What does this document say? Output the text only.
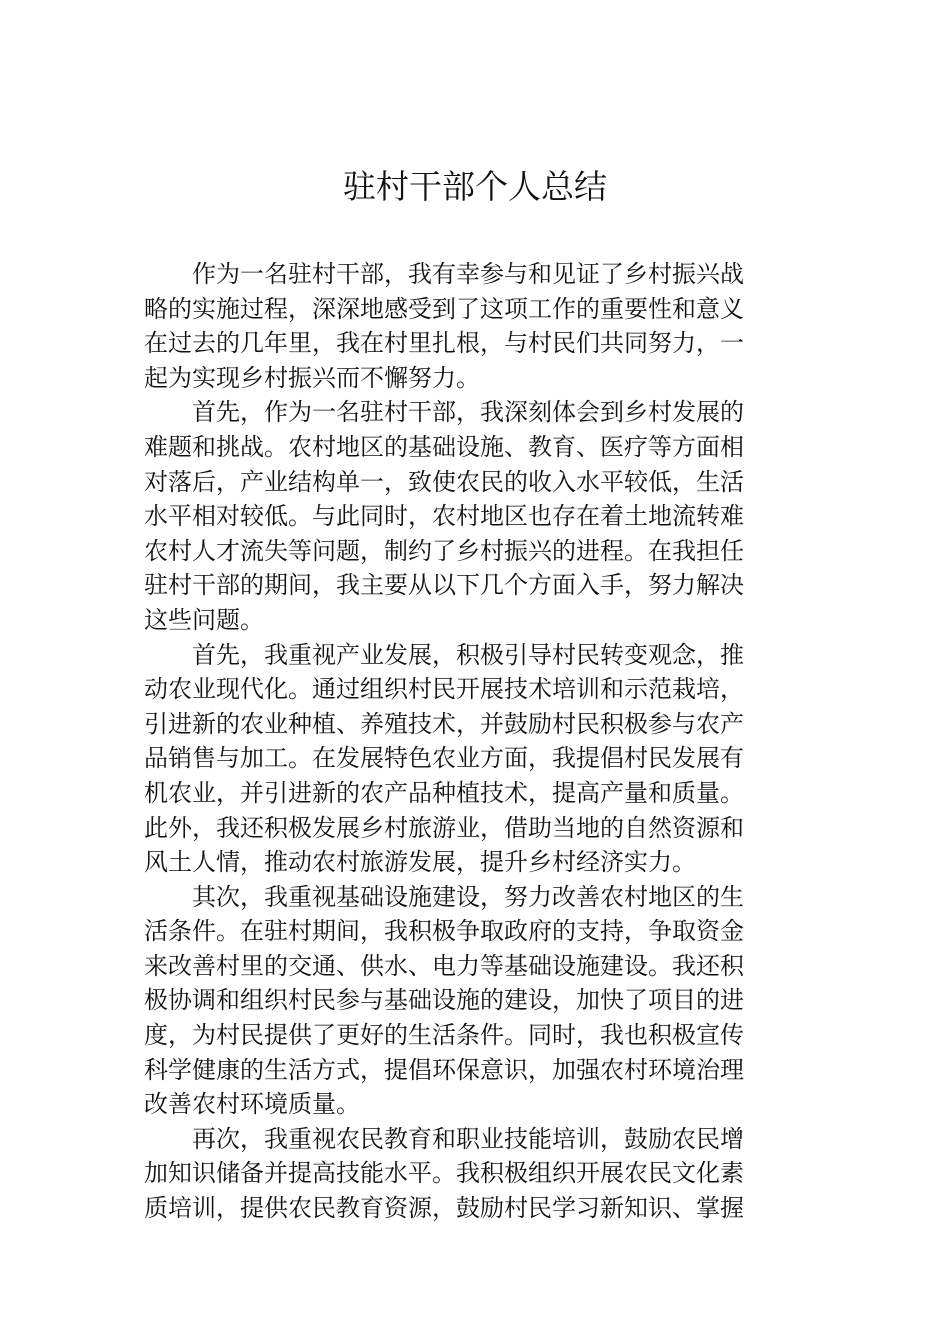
驻村干部个人总结
作为一名驻村干部，我有幸参与和见证了乡村振兴战
略的实施过程，深深地感受到了这项工作的重要性和意义
在过去的几年里，我在村里扎根，与村民们共同努力，一
起为实现乡村振兴而不懈努力。
首先，作为一名驻村干部，我深刻体会到乡村发展的
难题和挑战。农村地区的基础设施、教育、医疗等方面相
对落后，产业结构单一，致使农民的收入水平较低，生活
水平相对较低。与此同时，农村地区也存在着土地流转难
农村人才流失等问题，制约了乡村振兴的进程。在我担任
驻村干部的期间，我主要从以下几个方面入手，努力解决
这些问题。
首先，我重视产业发展，积极引导村民转变观念，推
动农业现代化。通过组织村民开展技术培训和示范栽培，
引进新的农业种植、养殖技术，并鼓励村民积极参与农产
品销售与加工。在发展特色农业方面，我提倡村民发展有
机农业，并引进新的农产品种植技术，提高产量和质量。
此外，我还积极发展乡村旅游业，借助当地的自然资源和
风土人情，推动农村旅游发展，提升乡村经济实力。
其次，我重视基础设施建设，努力改善农村地区的生
活条件。在驻村期间，我积极争取政府的支持，争取资金
来改善村里的交通、供水、电力等基础设施建设。我还积
极协调和组织村民参与基础设施的建设，加快了项目的进
度，为村民提供了更好的生活条件。同时，我也积极宣传
科学健康的生活方式，提倡环保意识，加强农村环境治理
改善农村环境质量。
再次，我重视农民教育和职业技能培训，鼓励农民增
加知识储备并提高技能水平。我积极组织开展农民文化素
质培训，提供农民教育资源，鼓励村民学习新知识、掌握
